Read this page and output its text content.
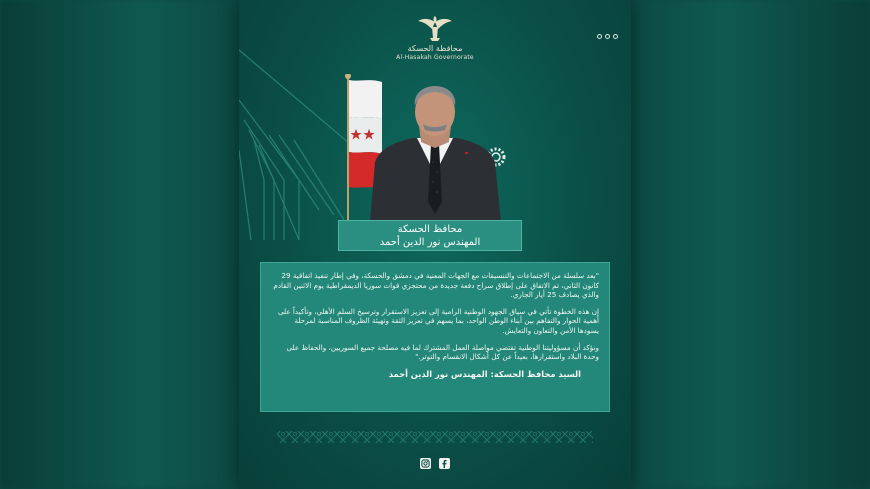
محافظة الحسكة
Al-Hasakah Governorate
محافظ الحسكة
المهندس نور الدين أحمد

"بعد سلسلة من الاجتماعات والتنسيقات مع الجهات المعنية في دمشق والحسكة، وفي إطار تنفيذ اتفاقية 29 كانون الثاني، تم الاتفاق على إطلاق سراح دفعة جديدة من محتجزي قوات سوريا الديمقراطية يوم الاثنين القادم والذي يصادف 25 أيار الجاري.

إن هذه الخطوة تأتي في سياق الجهود الوطنية الرامية إلى تعزيز الاستقرار وترسيخ السلم الأهلي، وتأكيداً على أهمية الحوار والتفاهم بين أبناء الوطن الواحد، بما يسهم في تعزيز الثقة وتهيئة الظروف المناسبة لمرحلة يسودها الأمن والتعاون والتعايش.

ونؤكد أن مسؤوليتنا الوطنية تقتضي مواصلة العمل المشترك لما فيه مصلحة جميع السوريين، والحفاظ على وحدة البلاد واستقرارها، بعيداً عن كل أشكال الانقسام والتوتر."

السيد محافظ الحسكة: المهندس نور الدين أحمد
